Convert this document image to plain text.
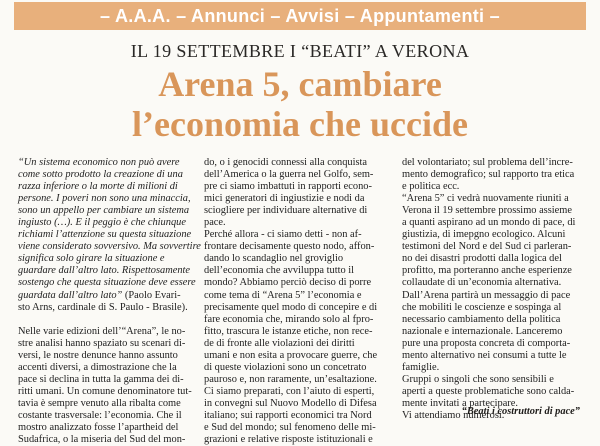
– A.A.A. – Annunci – Avvisi – Appuntamenti –
IL 19 SETTEMBRE I “BEATI” A VERONA
Arena 5, cambiare
l’economia che uccide
“Un sistema economico non può avere
come sotto prodotto la creazione di una
razza inferiore o la morte di milioni di
persone. I poveri non sono una minaccia,
sono un appello per cambiare un sistema
ingiusto (…). E il peggio è che chiunque
richiami l’attenzione su questa situazione
viene considerato sovversivo. Ma sovvertire
significa solo girare la situazione e
guardare dall’altro lato. Rispettosamente
sostengo che questa situazione deve essere
guardata dall’altro lato” (Paolo Evari-
sto Arns, cardinale di S. Paulo - Brasile).
Nelle varie edizioni dell’“Arena”, le no-
stre analisi hanno spaziato su scenari di-
versi, le nostre denunce hanno assunto
accenti diversi, a dimostrazione che la
pace si declina in tutta la gamma dei di-
ritti umani. Un comune denominatore tut-
tavia è sempre venuto alla ribalta come
costante trasversale: l’economia. Che il
mostro analizzato fosse l’apartheid del
Sudafrica, o la miseria del Sud del mon-
do, o i genocidi connessi alla conquista
dell’America o la guerra nel Golfo, sem-
pre ci siamo imbattuti in rapporti econo-
mici generatori di ingiustizie e nodi da
sciogliere per individuare alternative di
pace.
Perché allora - ci siamo detti - non af-
frontare decisamente questo nodo, affon-
dando lo scandaglio nel groviglio
dell’economia che avviluppa tutto il
mondo? Abbiamo perciò deciso di porre
come tema di “Arena 5” l’economia e
precisamente quel modo di concepire e di
fare economia che, mirando solo al fpro-
fitto, trascura le istanze etiche, non rece-
de di fronte alle violazioni dei diritti
umani e non esita a provocare guerre, che
di queste violazioni sono un concetrato
pauroso e, non raramente, un’esaltazione.
Ci siamo preparati, con l’aiuto di esperti,
in convegni sul Nuovo Modello di Difesa
italiano; sui rapporti economici tra Nord
e Sud del mondo; sul fenomeno delle mi-
grazioni e relative risposte istituzionali e
del volontariato; sul problema dell’incre-
mento demografico; sul rapporto tra etica
e politica ecc.
“Arena 5” ci vedrà nuovamente riuniti a
Verona il 19 settembre prossimo assieme
a quanti aspirano ad un mondo di pace, di
giustizia, di imepgno ecologico. Alcuni
testimoni del Nord e del Sud ci parleran-
no dei disastri prodotti dalla logica del
profitto, ma porteranno anche esperienze
collaudate di un’economia alternativa.
Dall’Arena partirà un messaggio di pace
che mobiliti le coscienze e sospinga al
necessario cambiamento della politica
nazionale e internazionale. Lanceremo
pure una proposta concreta di comporta-
mento alternativo nei consumi a tutte le
famiglie.
Gruppi o singoli che sono sensibili e
aperti a queste problematiche sono calda-
mente invitati a partecipare.
Vi attendiamo numerosi.
“Beati i costruttori di pace”
